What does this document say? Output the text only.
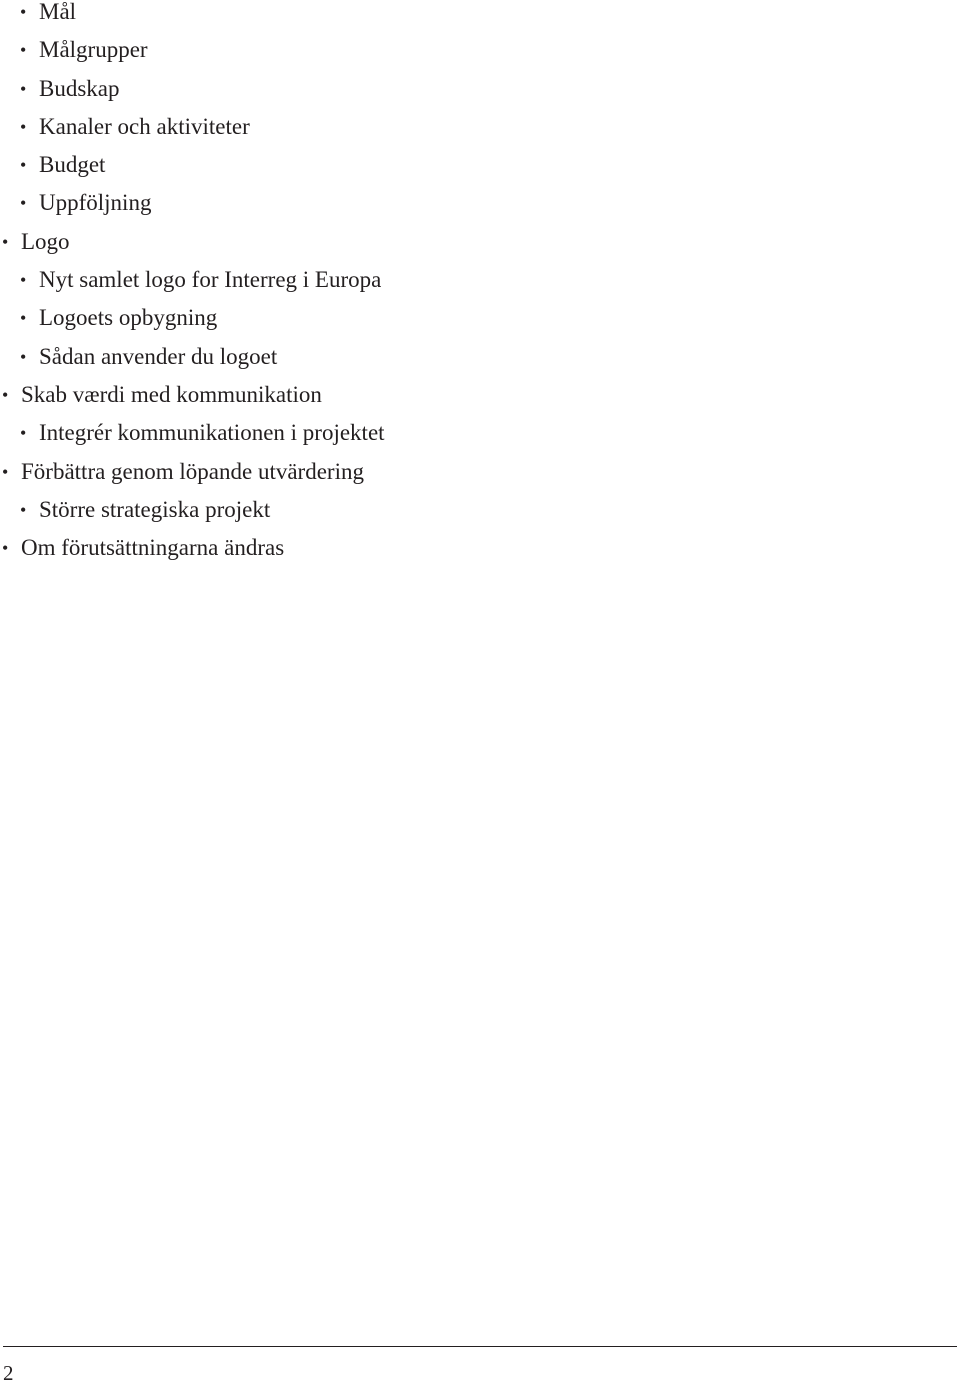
• Mål
• Målgrupper
• Budskap
• Kanaler och aktiviteter
• Budget
• Uppföljning
• Logo
• Nyt samlet logo for Interreg i Europa
• Logoets opbygning
• Sådan anvender du logoet
• Skab værdi med kommunikation
• Integrér kommunikationen i projektet
• Förbättra genom löpande utvärdering
• Större strategiska projekt
• Om förutsättningarna ändras
2
